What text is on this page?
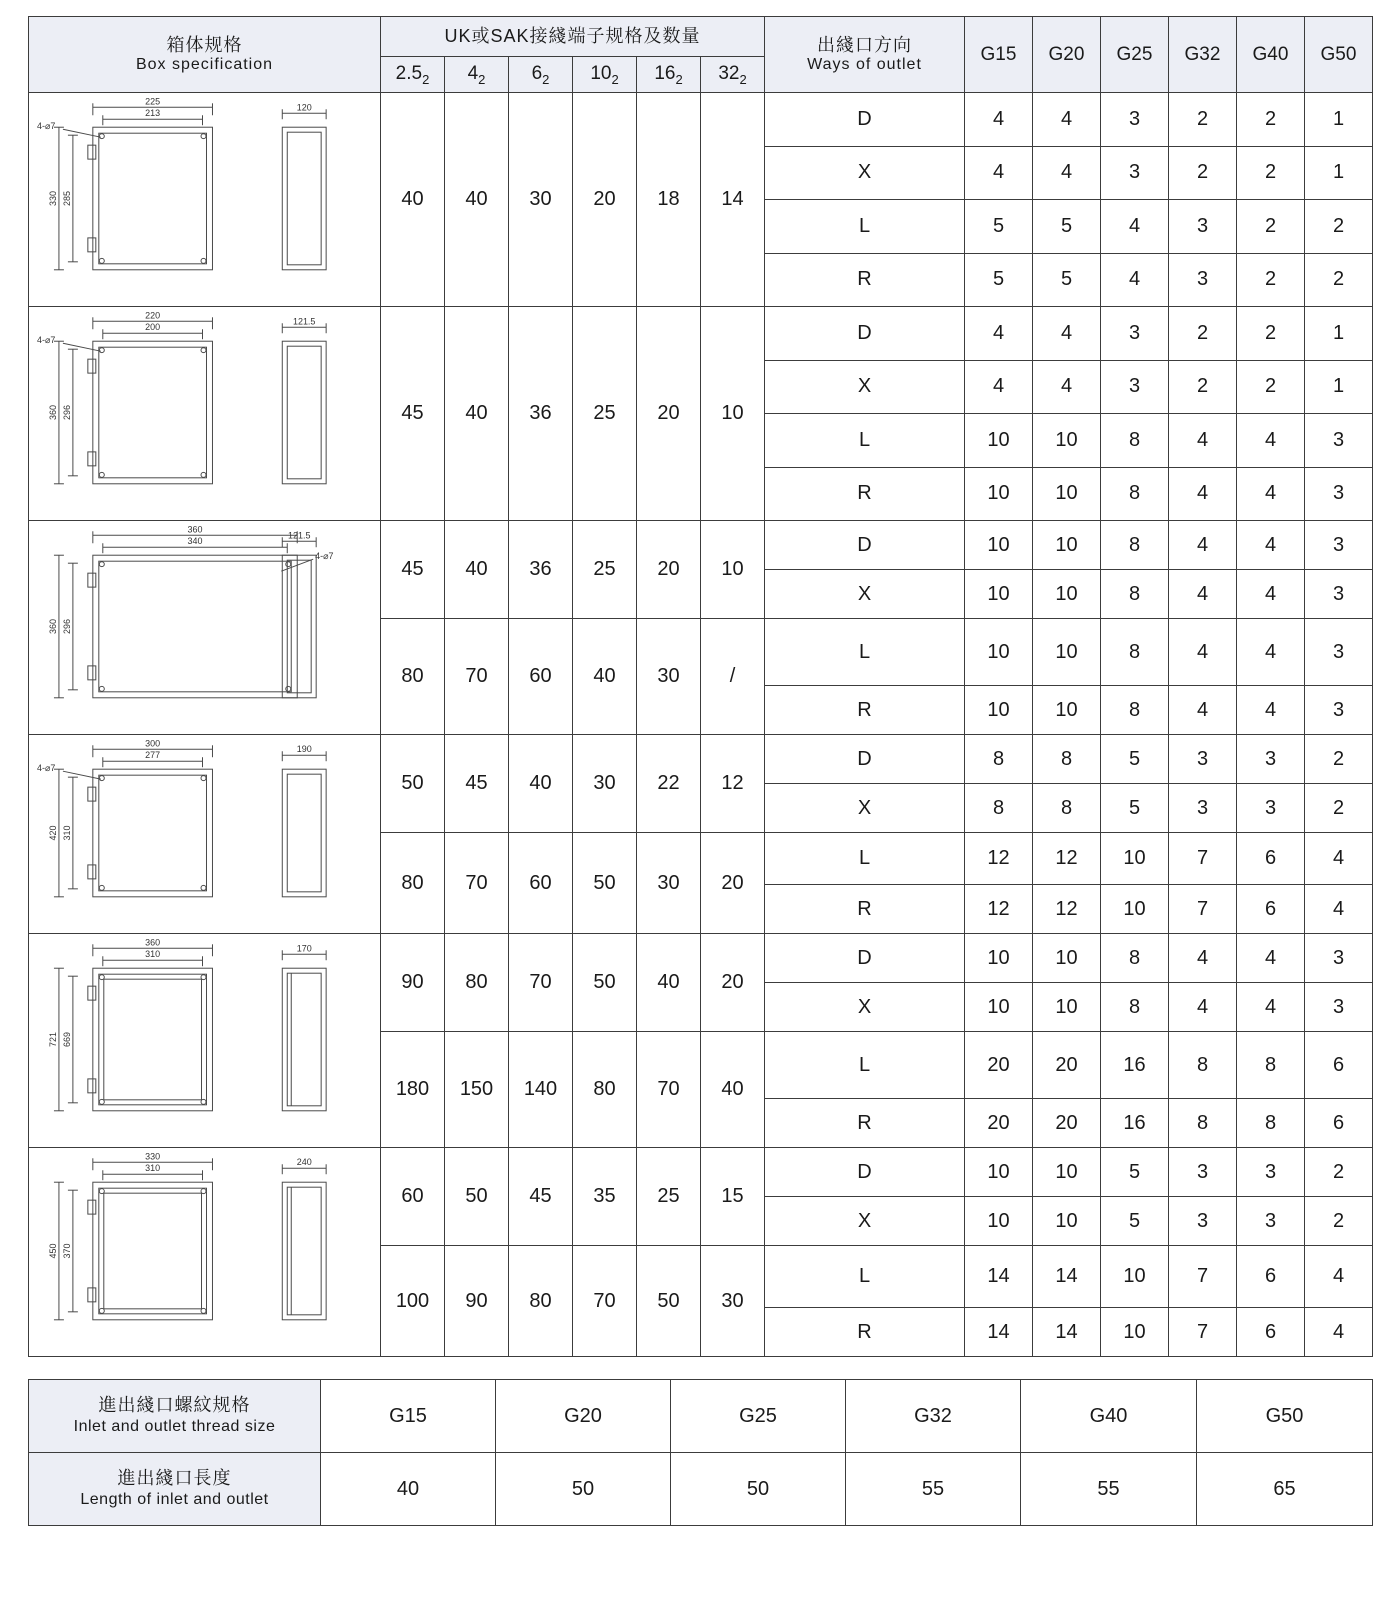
箱体规格
Box specification	UK或SAK接綫端子规格及数量						出綫口方向
Ways of outlet	G15	G20	G25	G32	G40	G50
	$2.5_2$	$4_2$	$6_2$	$10_2$	$16_2$	$32_2$

225
213
4-⌀7
330 285
120
	40	40	30	20	18	14	D	4	4	3	2	2	1
							X	4	4	3	2	2	1
							L	5	5	4	3	2	2
							R	5	5	4	3	2	2

220
200
4-⌀7
360 296
121.5
	45	40	36	25	20	10	D	4	4	3	2	2	1
							X	4	4	3	2	2	1
							L	10	10	8	4	4	3
							R	10	10	8	4	4	3

360
340
4-⌀7
360 296
121.5
	45	40	36	25	20	10	D	10	10	8	4	4	3
							X	10	10	8	4	4	3
	80	70	60	40	30	/	L	10	10	8	4	4	3
							R	10	10	8	4	4	3

300
277
4-⌀7
420 310
190
	50	45	40	30	22	12	D	8	8	5	3	3	2
							X	8	8	5	3	3	2
	80	70	60	50	30	20	L	12	12	10	7	6	4
							R	12	12	10	7	6	4

360
310
721 669
170	90	80	70	50	40	20	D	10	10	8	4	4	3
							X	10	10	8	4	4	3
	180	150	140	80	70	40	L	20	20	16	8	8	6
							R	20	20	16	8	8	6

330
310
450 370
240	60	50	45	35	25	15	D	10	10	5	3	3	2
							X	10	10	5	3	3	2
	100	90	80	70	50	30	L	14	14	10	7	6	4
							R	14	14	10	7	6	4
進出綫口螺紋规格
Inlet and outlet thread size	G15	G20	G25	G32	G40	G50

進出綫口長度
Length of inlet and outlet	40	50	50	55	55	65
